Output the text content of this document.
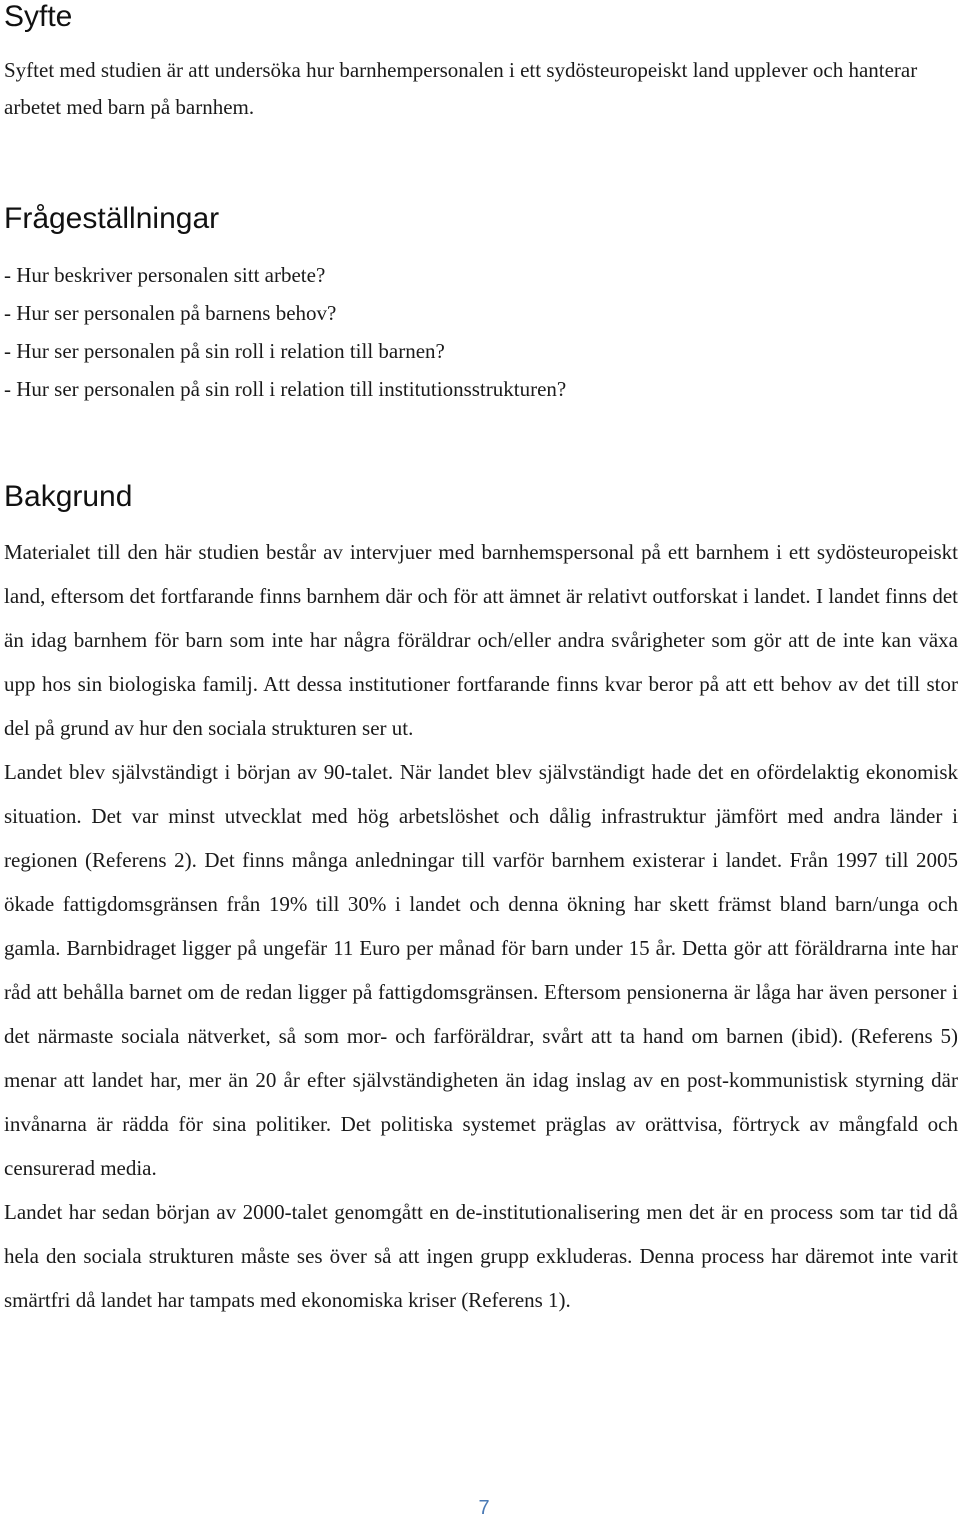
Syfte

Syftet med studien är att undersöka hur barnhempersonalen i ett sydösteuropeiskt land upplever och hanterar arbetet med barn på barnhem.

Frågeställningar
- Hur beskriver personalen sitt arbete?
- Hur ser personalen på barnens behov?
- Hur ser personalen på sin roll i relation till barnen?
- Hur ser personalen på sin roll i relation till institutionsstrukturen?
Bakgrund

Materialet till den här studien består av intervjuer med barnhemspersonal på ett barnhem i ett sydösteuropeiskt land, eftersom det fortfarande finns barnhem där och för att ämnet är relativt outforskat i landet. I landet finns det än idag barnhem för barn som inte har några föräldrar och/eller andra svårigheter som gör att de inte kan växa upp hos sin biologiska familj. Att dessa institutioner fortfarande finns kvar beror på att ett behov av det till stor del på grund av hur den sociala strukturen ser ut.

Landet blev självständigt i början av 90-talet. När landet blev självständigt hade det en ofördelaktig ekonomisk situation. Det var minst utvecklat med hög arbetslöshet och dålig infrastruktur jämfört med andra länder i regionen (Referens 2). Det finns många anledningar till varför barnhem existerar i landet. Från 1997 till 2005 ökade fattigdomsgränsen från 19% till 30% i landet och denna ökning har skett främst bland barn/unga och gamla. Barnbidraget ligger på ungefär 11 Euro per månad för barn under 15 år. Detta gör att föräldrarna inte har råd att behålla barnet om de redan ligger på fattigdomsgränsen. Eftersom pensionerna är låga har även personer i det närmaste sociala nätverket, så som mor- och farföräldrar, svårt att ta hand om barnen (ibid). (Referens 5) menar att landet har, mer än 20 år efter självständigheten än idag inslag av en post-kommunistisk styrning där invånarna är rädda för sina politiker. Det politiska systemet präglas av orättvisa, förtryck av mångfald och censurerad media.

Landet har sedan början av 2000-talet genomgått en de-institutionalisering men det är en process som tar tid då hela den sociala strukturen måste ses över så att ingen grupp exkluderas. Denna process har däremot inte varit smärtfri då landet har tampats med ekonomiska kriser (Referens 1).

7
